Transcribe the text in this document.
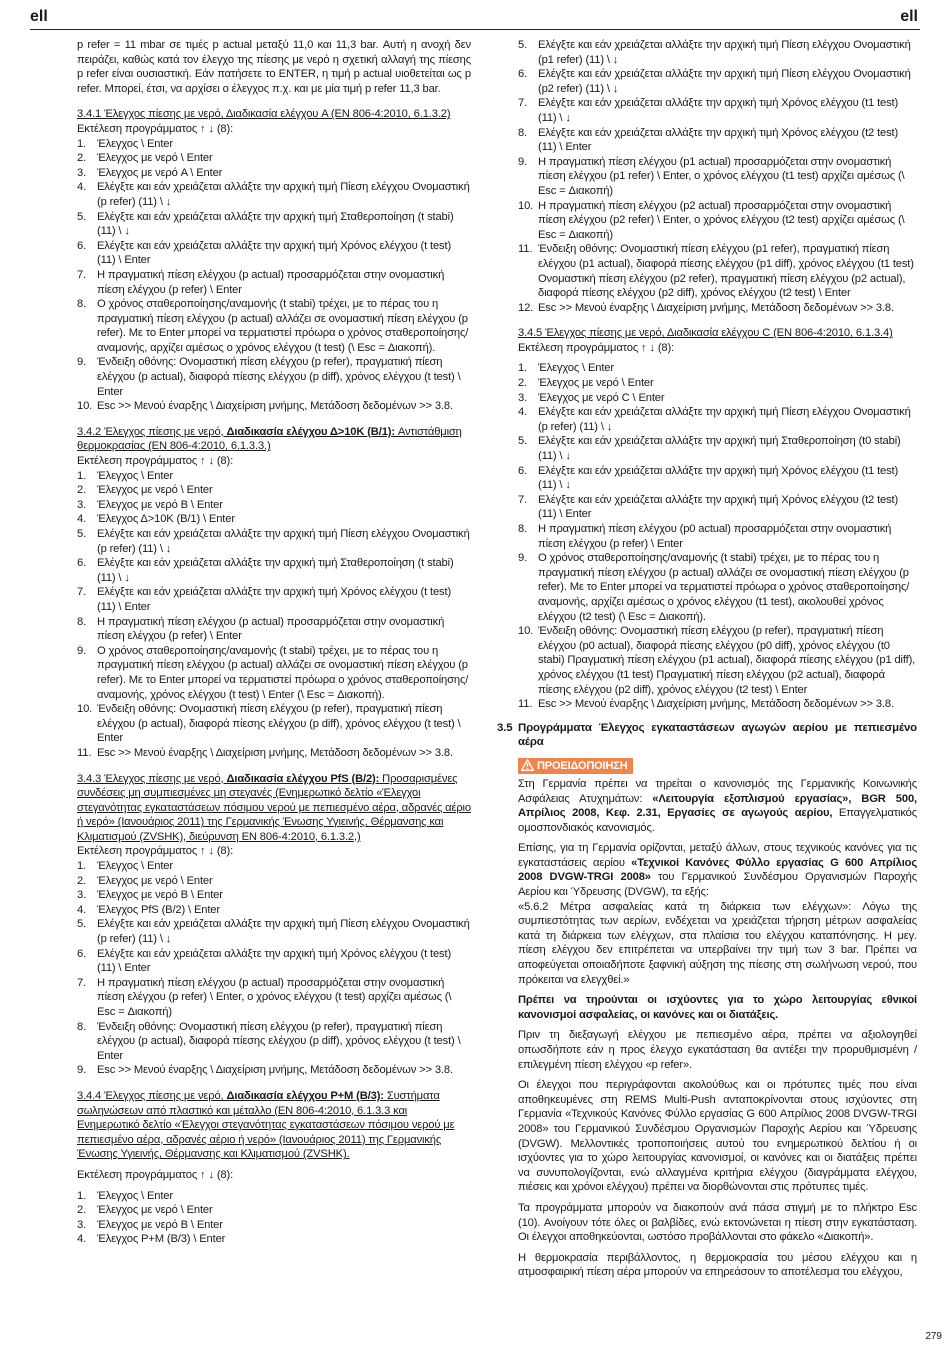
ell	ell

p refer = 11 mbar σε τιμές p actual μεταξύ 11,0 και 11,3 bar. Αυτή η ανοχή δεν πειράζει, καθώς κατά τον έλεγχο της πίεσης με νερό η σχετική αλλαγή της πίεσης p refer είναι ουσιαστική. Εάν πατήσετε το ENTER, η τιμή p actual υιοθετείται ως p refer. Μπορεί, έτσι, να αρχίσει ο έλεγχος π.χ. και με μία τιμή p refer 11,3 bar.

3.4.1 Έλεγχος πίεσης με νερό, Διαδικασία ελέγχου A (EN 806-4:2010, 6.1.3.2)

Εκτέλεση προγράμματος ↑ ↓ (8):

1. Έλεγχος \ Enter
2. Έλεγχος με νερό \ Enter
3. Έλεγχος με νερό A \ Enter
4. Ελέγξτε και εάν χρειάζεται αλλάξτε την αρχική τιμή Πίεση ελέγχου Ονομαστική (p refer) (11) \ ↓
5. Ελέγξτε και εάν χρειάζεται αλλάξτε την αρχική τιμή Σταθεροποίηση (t stabi) (11) \ ↓
6. Ελέγξτε και εάν χρειάζεται αλλάξτε την αρχική τιμή Χρόνος ελέγχου (t test) (11) \ Enter
7. Η πραγματική πίεση ελέγχου (p actual) προσαρμόζεται στην ονομαστική πίεση ελέγχου (p refer) \ Enter
8. Ο χρόνος σταθεροποίησης/αναμονής (t stabi) τρέχει, με το πέρας του η πραγματική πίεση ελέγχου (p actual) αλλάζει σε ονομαστική πίεση ελέγχου (p refer). Με το Enter μπορεί να τερματιστεί πρόωρα ο χρόνος σταθεροποίησης/αναμονής, αρχίζει αμέσως ο χρόνος ελέγχου (t test) (\ Esc = Διακοπή).
9. Ένδειξη οθόνης: Ονομαστική πίεση ελέγχου (p refer), πραγματική πίεση ελέγχου (p actual), διαφορά πίεσης ελέγχου (p diff), χρόνος ελέγχου (t test) \ Enter
10. Esc >> Μενού έναρξης \ Διαχείριση μνήμης, Μετάδοση δεδομένων >> 3.8.

3.4.2 Έλεγχος πίεσης με νερό, Διαδικασία ελέγχου Δ>10K (B/1): Αντιστάθμιση θερμοκρασίας (EN 806-4:2010, 6.1.3.3.)

Εκτέλεση προγράμματος ↑ ↓ (8):

1. Έλεγχος \ Enter
2. Έλεγχος με νερό \ Enter
3. Έλεγχος με νερό B \ Enter
4. Έλεγχος Δ>10K (B/1) \ Enter
5. Ελέγξτε και εάν χρειάζεται αλλάξτε την αρχική τιμή Πίεση ελέγχου Ονομαστική (p refer) (11) \ ↓
6. Ελέγξτε και εάν χρειάζεται αλλάξτε την αρχική τιμή Σταθεροποίηση (t stabi) (11) \ ↓
7. Ελέγξτε και εάν χρειάζεται αλλάξτε την αρχική τιμή Χρόνος ελέγχου (t test) (11) \ Enter
8. Η πραγματική πίεση ελέγχου (p actual) προσαρμόζεται στην ονομαστική πίεση ελέγχου (p refer) \ Enter
9. Ο χρόνος σταθεροποίησης/αναμονής (t stabi) τρέχει, με το πέρας του η πραγματική πίεση ελέγχου (p actual) αλλάζει σε ονομαστική πίεση ελέγχου (p refer). Με το Enter μπορεί να τερματιστεί πρόωρα ο χρόνος σταθεροποίησης/αναμονής, χρόνος ελέγχου (t test) \ Enter (\ Esc = Διακοπή).
10. Ένδειξη οθόνης: Ονομαστική πίεση ελέγχου (p refer), πραγματική πίεση ελέγχου (p actual), διαφορά πίεσης ελέγχου (p diff), χρόνος ελέγχου (t test) \ Enter
11. Esc >> Μενού έναρξης \ Διαχείριση μνήμης, Μετάδοση δεδομένων >> 3.8.

3.4.3 Έλεγχος πίεσης με νερό, Διαδικασία ελέγχου PfS (B/2): Προσαρισμένες συνδέσεις μη συμπιεσμένες μη στεγανές (Ενημερωτικό δελτίο «Έλεγχοι στεγανότητας εγκαταστάσεων πόσιμου νερού με πεπιεσμένο αέρα, αδρανές αέριο ή νερό» (Ιανουάριος 2011) της Γερμανικής Ένωσης Υγιεινής, Θέρμανσης και Κλιματισμού (ZVSHK), διεύρυνση EN 806-4:2010, 6.1.3.2,)

Εκτέλεση προγράμματος ↑ ↓ (8):

1. Έλεγχος \ Enter
2. Έλεγχος με νερό \ Enter
3. Έλεγχος με νερό B \ Enter
4. Έλεγχος PfS (B/2) \ Enter
5. Ελέγξτε και εάν χρειάζεται αλλάξτε την αρχική τιμή Πίεση ελέγχου Ονομαστική (p refer) (11) \ ↓
6. Ελέγξτε και εάν χρειάζεται αλλάξτε την αρχική τιμή Χρόνος ελέγχου (t test) (11) \ Enter
7. Η πραγματική πίεση ελέγχου (p actual) προσαρμόζεται στην ονομαστική πίεση ελέγχου (p refer) \ Enter, ο χρόνος ελέγχου (t test) αρχίζει αμέσως (\ Esc = Διακοπή)
8. Ένδειξη οθόνης: Ονομαστική πίεση ελέγχου (p refer), πραγματική πίεση ελέγχου (p actual), διαφορά πίεσης ελέγχου (p diff), χρόνος ελέγχου (t test) \ Enter
9. Esc >> Μενού έναρξης \ Διαχείριση μνήμης, Μετάδοση δεδομένων >> 3.8.

3.4.4 Έλεγχος πίεσης με νερό, Διαδικασία ελέγχου P+M (B/3): Συστήματα σωληνώσεων από πλαστικό και μέταλλο (EN 806-4:2010, 6.1.3.3 και Ενημερωτικό δελτίο «Έλεγχοι στεγανότητας εγκαταστάσεων πόσιμου νερού με πεπιεσμένο αέρα, αδρανές αέριο ή νερό» (Ιανουάριος 2011) της Γερμανικής Ένωσης Υγιεινής, Θέρμανσης και Κλιματισμού (ZVSHK).

Εκτέλεση προγράμματος ↑ ↓ (8):

1. Έλεγχος \ Enter
2. Έλεγχος με νερό \ Enter
3. Έλεγχος με νερό B \ Enter
4. Έλεγχος P+M (B/3) \ Enter
5. Ελέγξτε και εάν χρειάζεται αλλάξτε την αρχική τιμή Πίεση ελέγχου Ονομαστική (p1 refer) (11) \ ↓
6. Ελέγξτε και εάν χρειάζεται αλλάξτε την αρχική τιμή Πίεση ελέγχου Ονομαστική (p2 refer) (11) \ ↓
7. Ελέγξτε και εάν χρειάζεται αλλάξτε την αρχική τιμή Χρόνος ελέγχου (t1 test) (11) \ ↓
8. Ελέγξτε και εάν χρειάζεται αλλάξτε την αρχική τιμή Χρόνος ελέγχου (t2 test) (11) \ Enter
9. Η πραγματική πίεση ελέγχου (p1 actual) προσαρμόζεται στην ονομαστική πίεση ελέγχου (p1 refer) \ Enter, ο χρόνος ελέγχου (t1 test) αρχίζει αμέσως (\ Esc = Διακοπή)
10. Η πραγματική πίεση ελέγχου (p2 actual) προσαρμόζεται στην ονομαστική πίεση ελέγχου (p2 refer) \ Enter, ο χρόνος ελέγχου (t2 test) αρχίζει αμέσως (\ Esc = Διακοπή)
11. Ένδειξη οθόνης: Ονομαστική πίεση ελέγχου (p1 refer), πραγματική πίεση ελέγχου (p1 actual), διαφορά πίεσης ελέγχου (p1 diff), χρόνος ελέγχου (t1 test) Ονομαστική πίεση ελέγχου (p2 refer), πραγματική πίεση ελέγχου (p2 actual), διαφορά πίεσης ελέγχου (p2 diff), χρόνος ελέγχου (t2 test) \ Enter
12. Esc >> Μενού έναρξης \ Διαχείριση μνήμης, Μετάδοση δεδομένων >> 3.8.

3.4.5 Έλεγχος πίεσης με νερό, Διαδικασία ελέγχου C (EN 806-4:2010, 6.1.3.4)

Εκτέλεση προγράμματος ↑ ↓ (8):

1. Έλεγχος \ Enter
2. Έλεγχος με νερό \ Enter
3. Έλεγχος με νερό C \ Enter
4. Ελέγξτε και εάν χρειάζεται αλλάξτε την αρχική τιμή Πίεση ελέγχου Ονομαστική (p refer) (11) \ ↓
5. Ελέγξτε και εάν χρειάζεται αλλάξτε την αρχική τιμή Σταθεροποίηση (t0 stabi) (11) \ ↓
6. Ελέγξτε και εάν χρειάζεται αλλάξτε την αρχική τιμή Χρόνος ελέγχου (t1 test) (11) \ ↓
7. Ελέγξτε και εάν χρειάζεται αλλάξτε την αρχική τιμή Χρόνος ελέγχου (t2 test) (11) \ Enter
8. Η πραγματική πίεση ελέγχου (p0 actual) προσαρμόζεται στην ονομαστική πίεση ελέγχου (p refer) \ Enter
9. Ο χρόνος σταθεροποίησης/αναμονής (t stabi) τρέχει, με το πέρας του η πραγματική πίεση ελέγχου (p actual) αλλάζει σε ονομαστική πίεση ελέγχου (p refer). Με το Enter μπορεί να τερματιστεί πρόωρα ο χρόνος σταθεροποίησης/αναμονής, αρχίζει αμέσως ο χρόνος ελέγχου (t1 test), ακολουθεί χρόνος ελέγχου (t2 test) (\ Esc = Διακοπή).
10. Ένδειξη οθόνης: Ονομαστική πίεση ελέγχου (p refer), πραγματική πίεση ελέγχου (p0 actual), διαφορά πίεσης ελέγχου (p0 diff), χρόνος ελέγχου (t0 stabi) Πραγματική πίεση ελέγχου (p1 actual), διαφορά πίεσης ελέγχου (p1 diff), χρόνος ελέγχου (t1 test) Πραγματική πίεση ελέγχου (p2 actual), διαφορά πίεσης ελέγχου (p2 diff), χρόνος ελέγχου (t2 test) \ Enter
11. Esc >> Μενού έναρξης \ Διαχείριση μνήμης, Μετάδοση δεδομένων >> 3.8.
3.5 Προγράμματα Έλεγχος εγκαταστάσεων αγωγών αερίου με πεπιεσμένο αέρα

ΠΡΟΕΙΔΟΠΟΙΗΣΗ

Στη Γερμανία πρέπει να τηρείται ο κανονισμός της Γερμανικής Κοινωνικής Ασφάλειας Ατυχημάτων: «Λειτουργία εξοπλισμού εργασίας», BGR 500, Απρίλιος 2008, Κεφ. 2.31, Εργασίες σε αγωγούς αερίου, Επαγγελματικός ομοσπονδιακός κανονισμός.

Επίσης, για τη Γερμανία ορίζονται, μεταξύ άλλων, στους τεχνικούς κανόνες για τις εγκαταστάσεις αερίου «Τεχνικοί Κανόνες Φύλλο εργασίας G 600 Απρίλιος 2008 DVGW-TRGI 2008» του Γερμανικού Συνδέσμου Οργανισμών Παροχής Αερίου και Ύδρευσης (DVGW), τα εξής:

«5.6.2 Μέτρα ασφαλείας κατά τη διάρκεια των ελέγχων»: Λόγω της συμπιεστότητας των αερίων, ενδέχεται να χρειάζεται τήρηση μέτρων ασφαλείας κατά τη διάρκεια των ελέγχων, στα πλαίσια του ελέγχου καταπόνησης. Η μεγ. πίεση ελέγχου δεν επιτρέπεται να υπερβαίνει την τιμή των 3 bar. Πρέπει να αποφεύγεται οποιαδήποτε ξαφνική αύξηση της πίεσης στη σωλήνωση νερού, που πρόκειται να ελεγχθεί.»

Πρέπει να τηρούνται οι ισχύοντες για το χώρο λειτουργίας εθνικοί κανονισμοί ασφαλείας, οι κανόνες και οι διατάξεις.

Πριν τη διεξαγωγή ελέγχου με πεπιεσμένο αέρα, πρέπει να αξιολογηθεί οπωσδήποτε εάν η προς έλεγχο εγκατάσταση θα αντέξει την προρυθμισμένη / επιλεγμένη πίεση ελέγχου «p refer».

Οι έλεγχοι που περιγράφονται ακολούθως και οι πρότυπες τιμές που είναι αποθηκευμένες στη REMS Multi-Push ανταποκρίνονται στους ισχύοντες στη Γερμανία «Τεχνικούς Κανόνες Φύλλο εργασίας G 600 Απρίλιος 2008 DVGW-TRGI 2008» του Γερμανικού Συνδέσμου Οργανισμών Παροχής Αερίου και Ύδρευσης (DVGW). Μελλοντικές τροποποιήσεις αυτού του ενημερωτικού δελτίου ή οι ισχύοντες για το χώρο λειτουργίας κανονισμοί, οι κανόνες και οι διατάξεις πρέπει να συνυπολογίζονται, ενώ αλλαγμένα κριτήρια ελέγχου (διαγράμματα ελέγχου, πιέσεις και χρόνοι ελέγχου) πρέπει να διορθώνονται στις πρότυπες τιμές.

Τα προγράμματα μπορούν να διακοπούν ανά πάσα στιγμή με το πλήκτρο Esc (10). Ανοίγουν τότε όλες οι βαλβίδες, ενώ εκτονώνεται η πίεση στην εγκατάσταση. Οι έλεγχοι αποθηκεύονται, ωστόσο προβάλλονται στο φάκελο «Διακοπή».

Η θερμοκρασία περιβάλλοντος, η θερμοκρασία του μέσου ελέγχου και η ατμοσφαιρική πίεση αέρα μπορούν να επηρεάσουν το αποτέλεσμα του ελέγχου,

279
